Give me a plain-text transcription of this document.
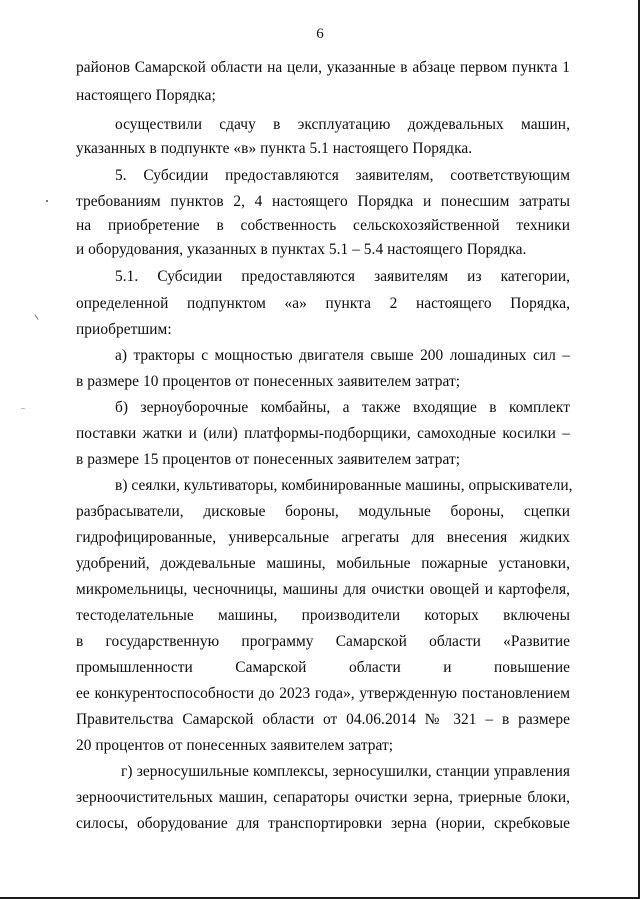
6
районов Самарской области на цели, указанные в абзаце первом пункта 1
настоящего Порядка;
осуществили сдачу в эксплуатацию дождевальных машин,
указанных в подпункте «в» пункта 5.1 настоящего Порядка.
5. Субсидии предоставляются заявителям, соответствующим
требованиям пунктов 2, 4 настоящего Порядка и понесшим затраты
на приобретение в собственность сельскохозяйственной техники
и оборудования, указанных в пунктах 5.1 – 5.4 настоящего Порядка.
5.1. Субсидии предоставляются заявителям из категории,
определенной подпунктом «а» пункта 2 настоящего Порядка,
приобретшим:
а) тракторы с мощностью двигателя свыше 200 лошадиных сил –
в размере 10 процентов от понесенных заявителем затрат;
б) зерноуборочные комбайны, а также входящие в комплект
поставки жатки и (или) платформы-подборщики, самоходные косилки –
в размере 15 процентов от понесенных заявителем затрат;
в) сеялки, культиваторы, комбинированные машины, опрыскиватели,
разбрасыватели, дисковые бороны, модульные бороны, сцепки
гидрофицированные, универсальные агрегаты для внесения жидких
удобрений, дождевальные машины, мобильные пожарные установки,
микромельницы, чесночницы, машины для очистки овощей и картофеля,
тестоделательные машины, производители которых включены
в государственную программу Самарской области «Развитие
промышленности Самарской области и повышение
ее конкурентоспособности до 2023 года», утвержденную постановлением
Правительства Самарской области от 04.06.2014 № 321 – в размере
20 процентов от понесенных заявителем затрат;
г) зерносушильные комплексы, зерносушилки, станции управления
зерноочистительных машин, сепараторы очистки зерна, триерные блоки,
силосы, оборудование для транспортировки зерна (нории, скребковые
